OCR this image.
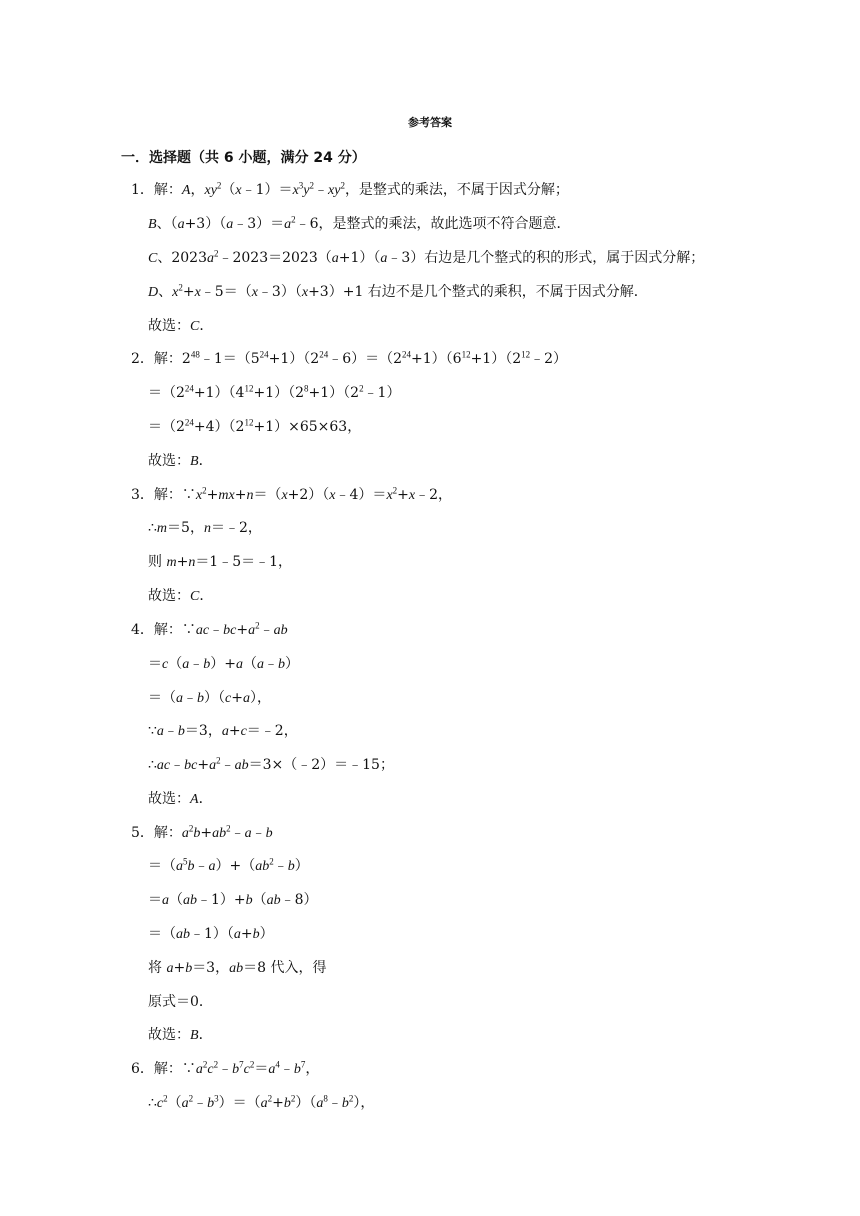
参考答案
一．选择题（共 6 小题，满分 24 分）
1．解：A，$xy^2(x﹣1)=x^3y^2﹣xy^2$，是整式的乘法，不属于因式分解；
B、$(a+3)(a﹣3)=a^2﹣6$，是整式的乘法，故此选项不符合题意．
C、$2023a^2﹣2023=2023(a+1)(a﹣3)$右边是几个整式的积的形式，属于因式分解；
D、$x^2+x﹣5=(x﹣3)(x+3)+1$ 右边不是几个整式的乘积，不属于因式分解．
故选：C．
2．解：$2^{48}﹣1=(5^{24}+1)(2^{24}﹣6)=(2^{24}+1)(6^{12}+1)(2^{12}﹣2)$
$=(2^{24}+1)(4^{12}+1)(2^8+1)(2^2﹣1)$
$=(2^{24}+4)(2^{12}+1)\times 65\times 63$，
故选：B．
3．解：$\because x^2+mx+n=(x+2)(x﹣4)=x^2+x﹣2$，
∴m＝5，n＝﹣2，
则 m+n＝1﹣5＝﹣1，
故选：C．
4．解：$\because ac﹣bc+a^2﹣ab$
＝c（a﹣b）+a（a﹣b）
＝（a﹣b）（c+a），
∵a﹣b＝3，a+c＝﹣2，
$\therefore ac﹣bc+a^2﹣ab=3\times(﹣2)=﹣15$；
故选：A．
5．解：$a^2b+ab^2﹣a﹣b$
$=(a^5b﹣a)+(ab^2﹣b)$
＝a（ab﹣1）+b（ab﹣8）
＝（ab﹣1）（a+b）
将 a+b＝3，ab＝8 代入，得
原式＝0．
故选：B．
6．解：$\because a^2c^2﹣b^7c^2=a^4﹣b^7$，
$\therefore c^2(a^2﹣b^3)=(a^2+b^2)(a^8﹣b^2)$，
